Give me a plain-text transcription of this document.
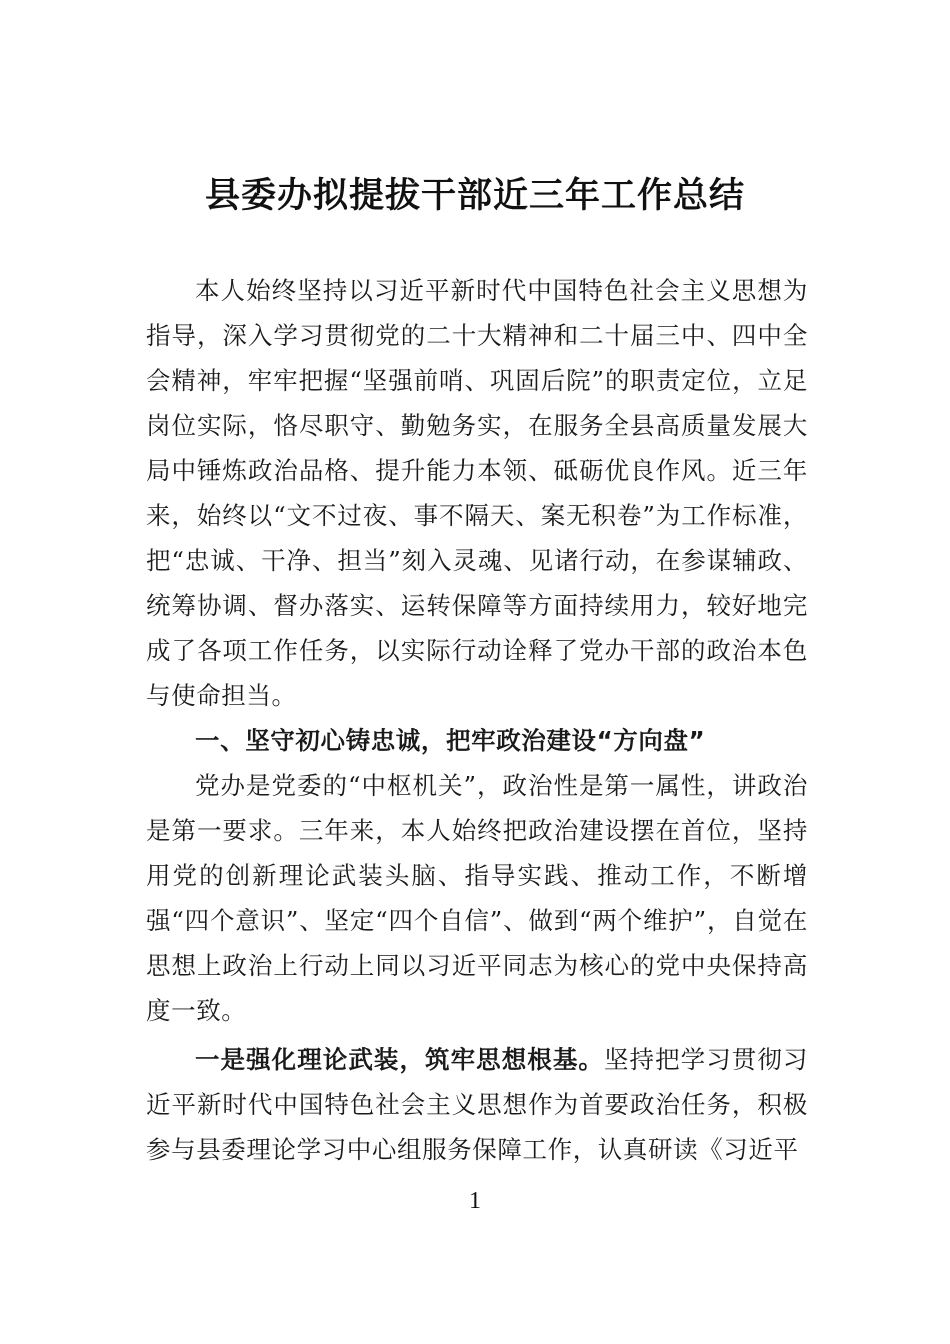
县委办拟提拔干部近三年工作总结

本人始终坚持以习近平新时代中国特色社会主义思想为指导，深入学习贯彻党的二十大精神和二十届三中、四中全会精神，牢牢把握“坚强前哨、巩固后院”的职责定位，立足岗位实际，恪尽职守、勤勉务实，在服务全县高质量发展大局中锤炼政治品格、提升能力本领、砥砺优良作风。近三年来，始终以“文不过夜、事不隔天、案无积卷”为工作标准，把“忠诚、干净、担当”刻入灵魂、见诸行动，在参谋辅政、统筹协调、督办落实、运转保障等方面持续用力，较好地完成了各项工作任务，以实际行动诠释了党办干部的政治本色与使命担当。

一、坚守初心铸忠诚，把牢政治建设“方向盘”

党办是党委的“中枢机关”，政治性是第一属性，讲政治是第一要求。三年来，本人始终把政治建设摆在首位，坚持用党的创新理论武装头脑、指导实践、推动工作，不断增强“四个意识”、坚定“四个自信”、做到“两个维护”，自觉在思想上政治上行动上同以习近平同志为核心的党中央保持高度一致。

一是强化理论武装，筑牢思想根基。坚持把学习贯彻习近平新时代中国特色社会主义思想作为首要政治任务，积极参与县委理论学习中心组服务保障工作，认真研读《习近平

1
